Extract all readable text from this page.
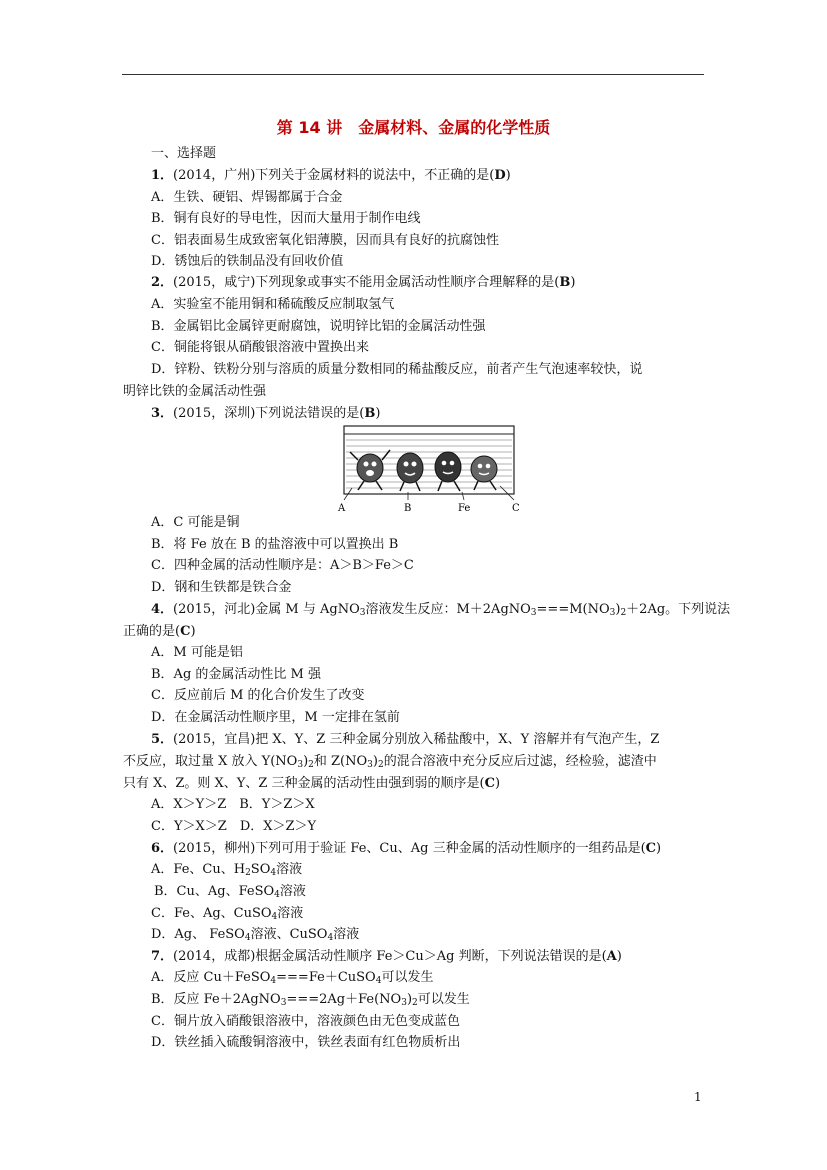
第 14 讲　金属材料、金属的化学性质
一、选择题
1．(2014，广州)下列关于金属材料的说法中，不正确的是(D)
A．生铁、硬铝、焊锡都属于合金
B．铜有良好的导电性，因而大量用于制作电线
C．铝表面易生成致密氧化铝薄膜，因而具有良好的抗腐蚀性
D．锈蚀后的铁制品没有回收价值
2．(2015，咸宁)下列现象或事实不能用金属活动性顺序合理解释的是(B)
A．实验室不能用铜和稀硫酸反应制取氢气
B．金属铝比金属锌更耐腐蚀，说明锌比铝的金属活动性强
C．铜能将银从硝酸银溶液中置换出来
D．锌粉、铁粉分别与溶质的质量分数相同的稀盐酸反应，前者产生气泡速率较快，说
明锌比铁的金属活动性强
3．(2015，深圳)下列说法错误的是(B)
A	B	Fe	C
A．C 可能是铜
B．将 Fe 放在 B 的盐溶液中可以置换出 B
C．四种金属的活动性顺序是：A＞B＞Fe＞C
D．钢和生铁都是铁合金
4．(2015，河北)金属 M 与 AgNO$_3$溶液发生反应：$M+2AgNO_3===M(NO_3)_2+2Ag$。下列说法
正确的是(C)
A．M 可能是铝
B．Ag 的金属活动性比 M 强
C．反应前后 M 的化合价发生了改变
D．在金属活动性顺序里，M 一定排在氢前
5．(2015，宜昌)把 X、Y、Z 三种金属分别放入稀盐酸中，X、Y 溶解并有气泡产生，Z
不反应，取过量 X 放入 $Y(NO_3)_2$和 $Z(NO_3)_2$的混合溶液中充分反应后过滤，经检验，滤渣中
只有 X、Z。则 X、Y、Z 三种金属的活动性由强到弱的顺序是(C)
A．X＞Y＞Z　B．Y＞Z＞X
C．Y＞X＞Z　D．X＞Z＞Y
6．(2015，柳州)下列可用于验证 Fe、Cu、Ag 三种金属的活动性顺序的一组药品是(C)
A．Fe、Cu、$H_2SO_4$溶液
B．Cu、Ag、FeSO$_4$溶液
C．Fe、Ag、CuSO$_4$溶液
D．Ag、 FeSO$_4$溶液、CuSO$_4$溶液
7．(2014，成都)根据金属活动性顺序 Fe＞Cu＞Ag 判断，下列说法错误的是(A)
A．反应 Cu＋FeSO$_4$===Fe＋CuSO$_4$可以发生
B．反应 $Fe+2AgNO_3===2Ag+Fe(NO_3)_2$可以发生
C．铜片放入硝酸银溶液中，溶液颜色由无色变成蓝色
D．铁丝插入硫酸铜溶液中，铁丝表面有红色物质析出
1
